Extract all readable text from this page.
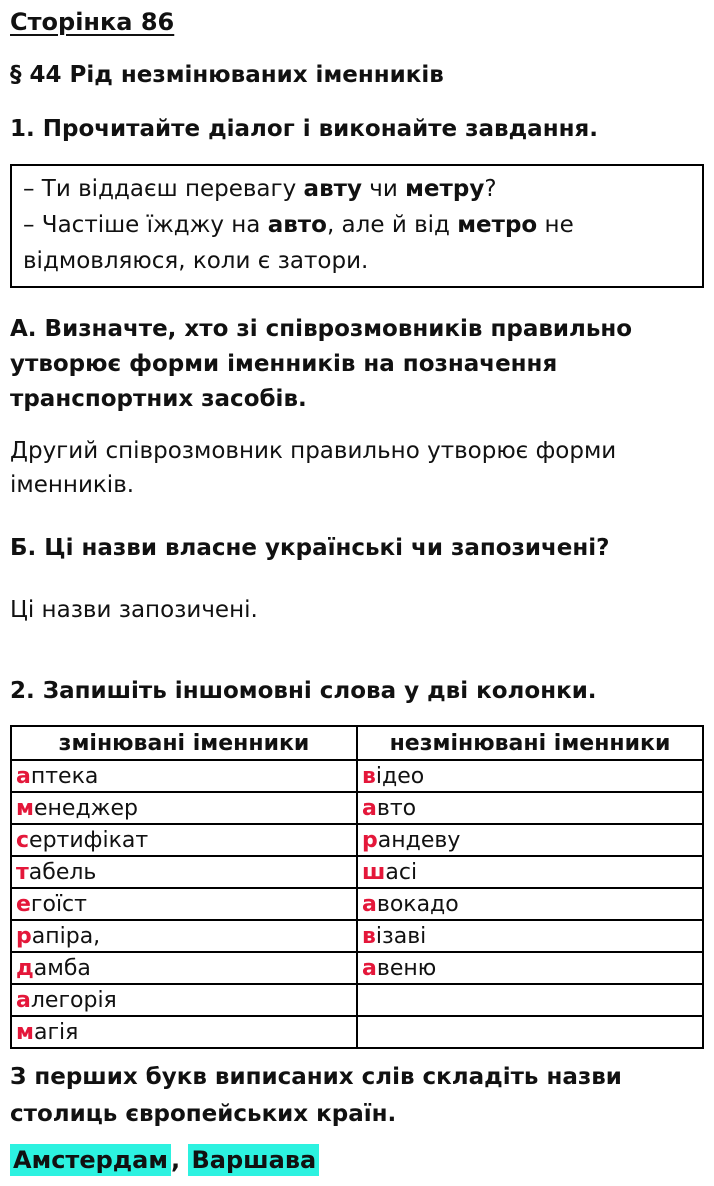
Сторінка 86
§ 44 Рід незмінюваних іменників
1. Прочитайте діалог і виконайте завдання.
– Ти віддаєш перевагу авту чи метру?
– Частіше їжджу на авто, але й від метро не відмовляюся, коли є затори.
А. Визначте, хто зі співрозмовників правильно утворює форми іменників на позначення транспортних засобів.
Другий співрозмовник правильно утворює форми іменників.
Б. Ці назви власне українські чи запозичені?
Ці назви запозичені.
2. Запишіть іншомовні слова у дві колонки.
змінювані іменники	незмінювані іменники
аптека	відео
менеджер	авто
сертифікат	рандеву
табель	шасі
егоїст	авокадо
рапіра,	візаві
дамба	авеню
алегорія	
магія	
З перших букв виписаних слів складіть назви столиць європейських країн.
Амстердам , Варшава
